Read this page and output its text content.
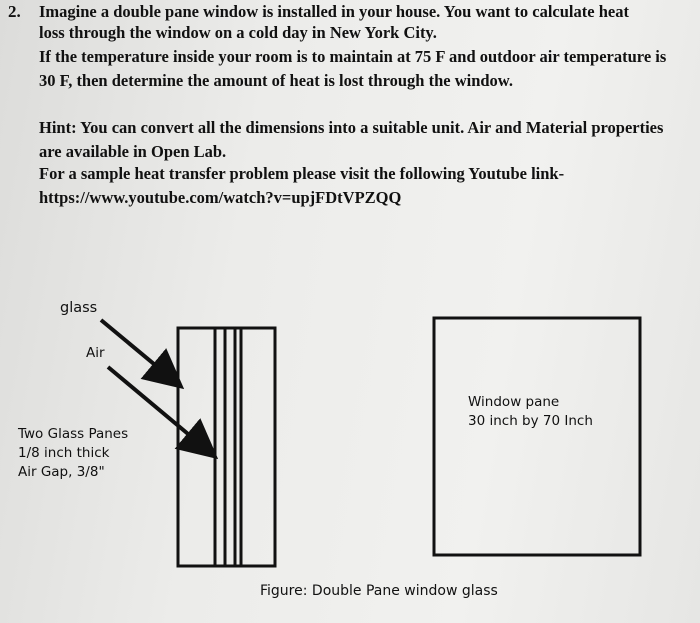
2. Imagine a double pane window is installed in your house. You want to calculate heat
loss through the window on a cold day in New York City.
If the temperature inside your room is to maintain at 75 F and outdoor air temperature is
30 F, then determine the amount of heat is lost through the window.
Hint: You can convert all the dimensions into a suitable unit. Air and Material properties
are available in Open Lab.
For a sample heat transfer problem please visit the following Youtube link-
https://www.youtube.com/watch?v=upjFDtVPZQQ
glass
Air
Two Glass Panes
1/8 inch thick
Air Gap, 3/8"
Window pane
30 inch by 70 Inch
Figure: Double Pane window glass
